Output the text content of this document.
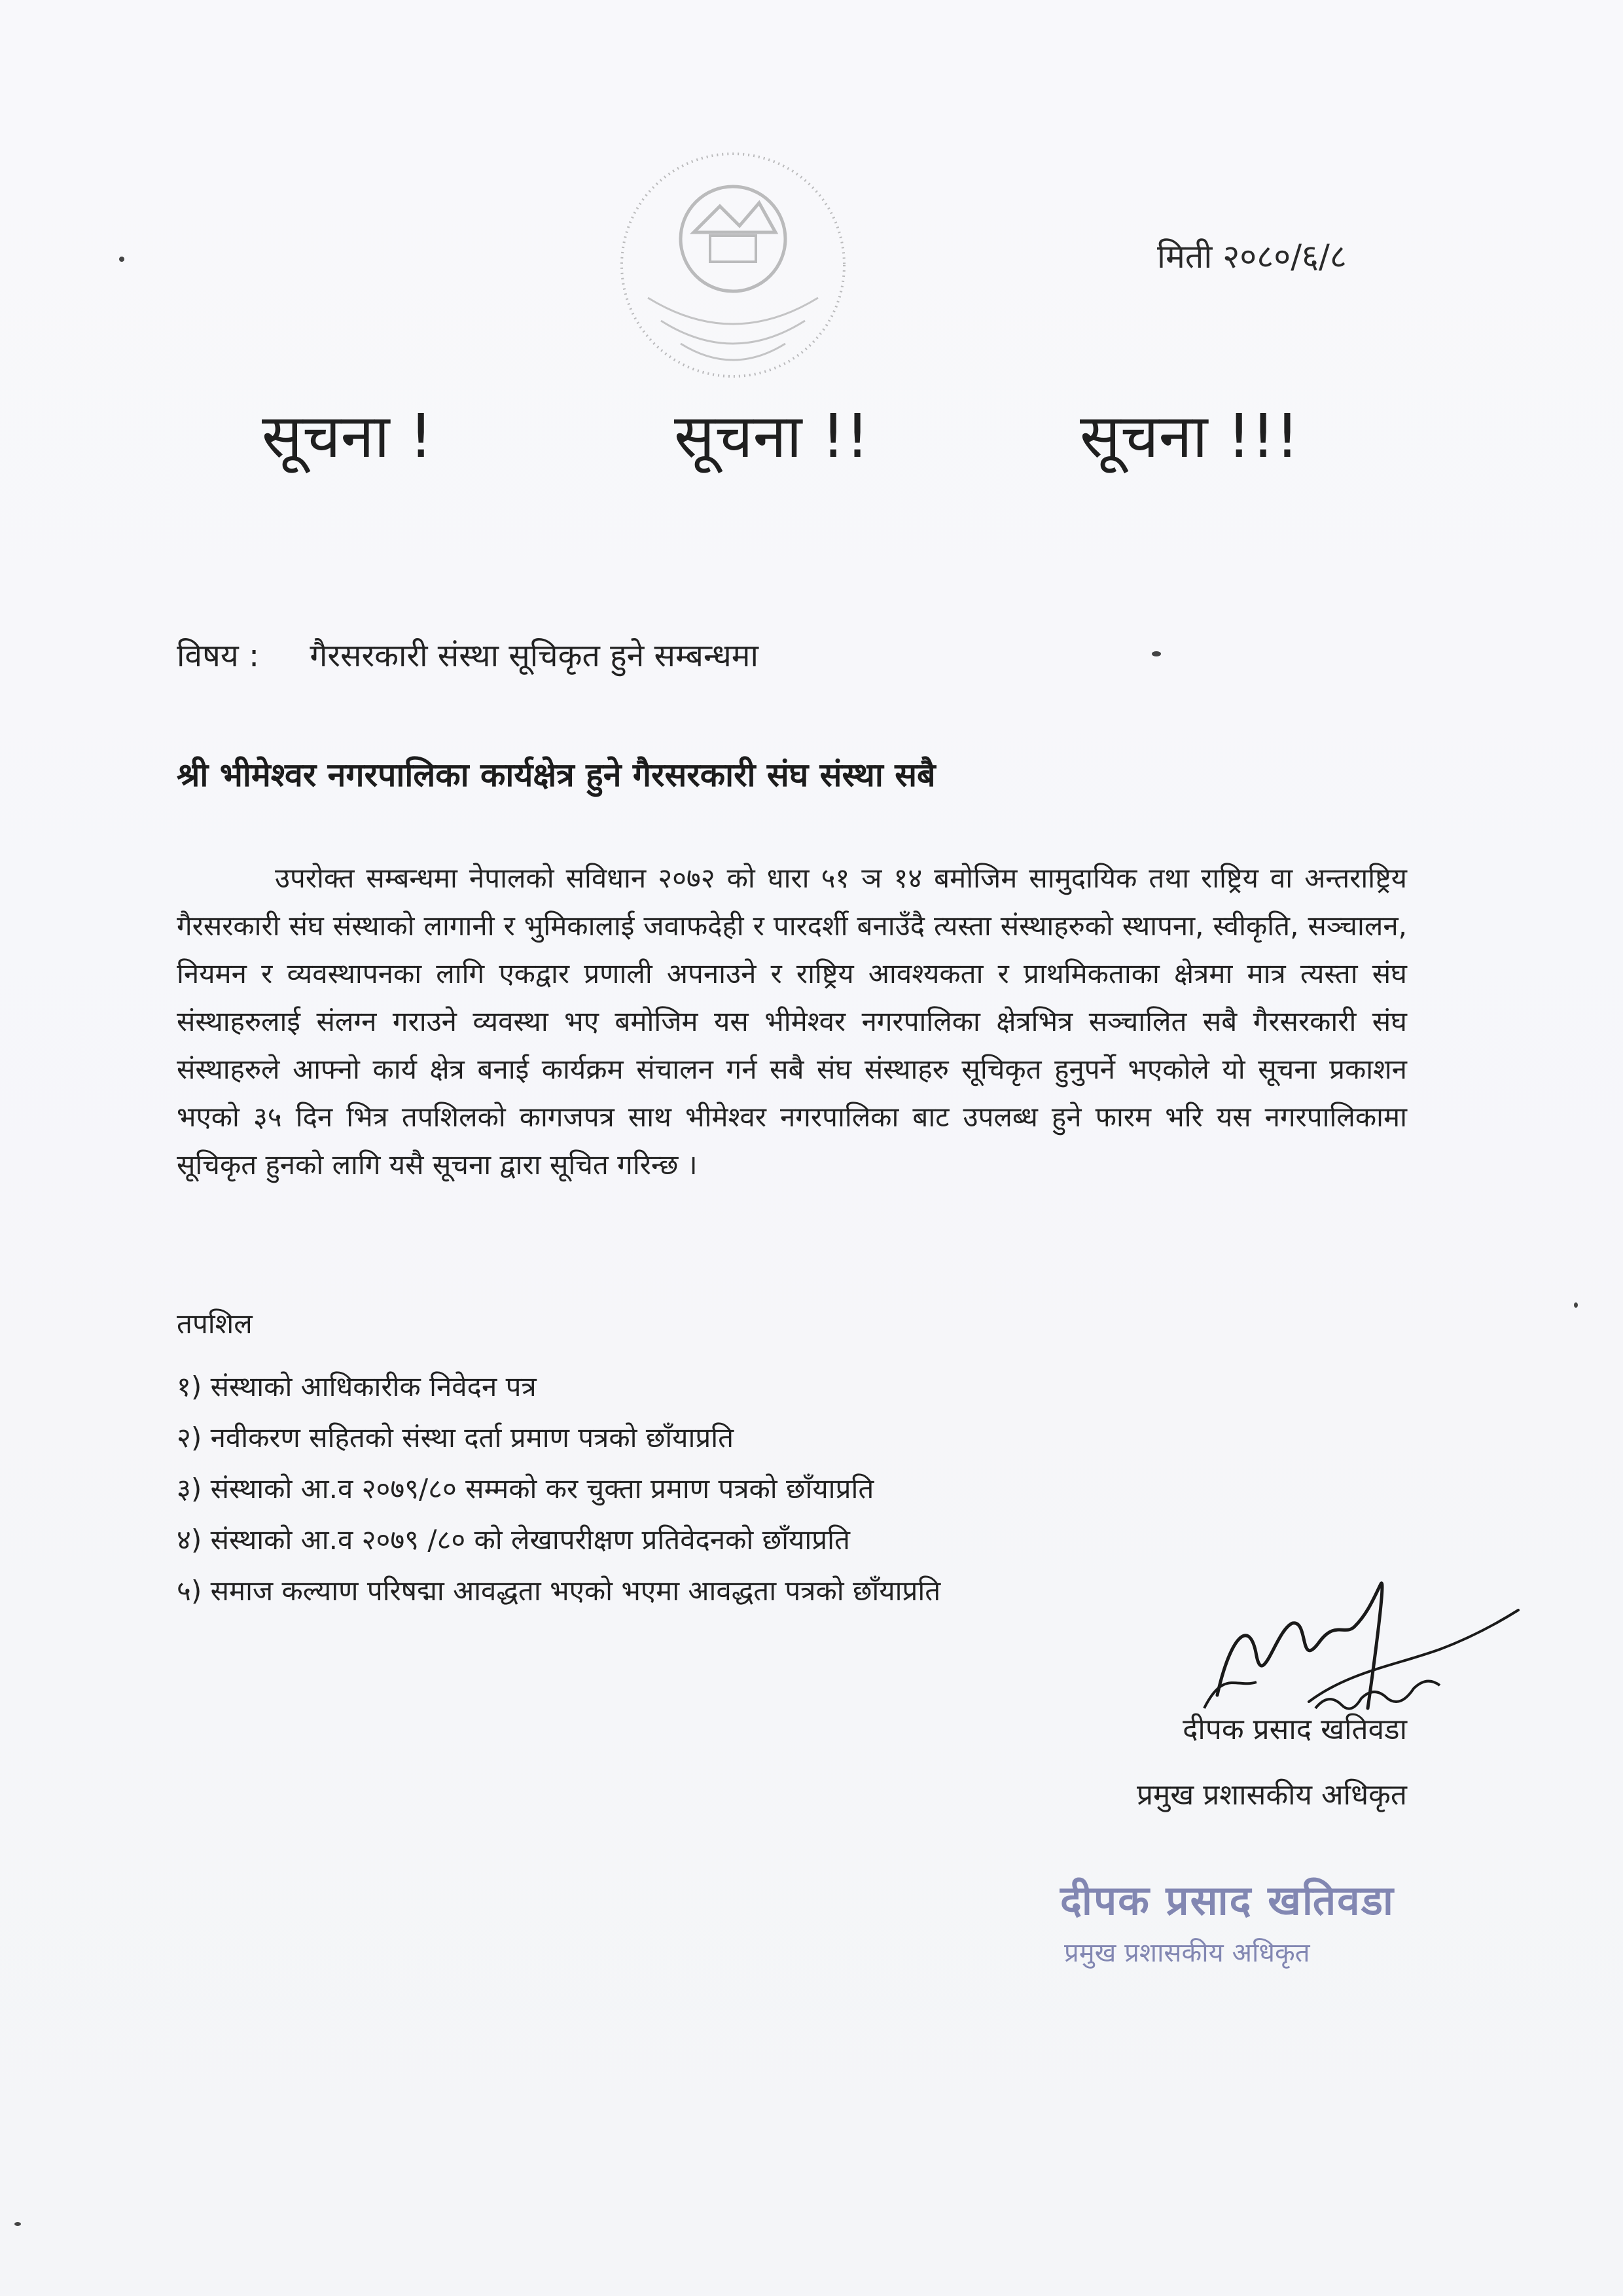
मिती २०८०/६/८
सूचना !	सूचना !!	सूचना !!!
विषय : गैरसरकारी संस्था सूचिकृत हुने सम्बन्धमा
श्री भीमेश्वर नगरपालिका कार्यक्षेत्र हुने गैरसरकारी संघ संस्था सबै
उपरोक्त सम्बन्धमा नेपालको सविधान २०७२ को धारा ५१ ञ १४ बमोजिम सामुदायिक तथा राष्ट्रिय वा अन्तराष्ट्रिय गैरसरकारी संघ संस्थाको लागानी र भुमिकालाई जवाफदेही र पारदर्शी बनाउँदै त्यस्ता संस्थाहरुको स्थापना, स्वीकृति, सञ्चालन, नियमन र व्यवस्थापनका लागि एकद्वार प्रणाली अपनाउने र राष्ट्रिय आवश्यकता र प्राथमिकताका क्षेत्रमा मात्र त्यस्ता संघ संस्थाहरुलाई संलग्न गराउने व्यवस्था भए बमोजिम यस भीमेश्वर नगरपालिका क्षेत्रभित्र सञ्चालित सबै गैरसरकारी संघ संस्थाहरुले आफ्नो कार्य क्षेत्र बनाई कार्यक्रम संचालन गर्न सबै संघ संस्थाहरु सूचिकृत हुनुपर्ने भएकोले यो सूचना प्रकाशन भएको ३५ दिन भित्र तपशिलको कागजपत्र साथ भीमेश्वर नगरपालिका बाट उपलब्ध हुने फारम भरि यस नगरपालिकामा सूचिकृत हुनको लागि यसै सूचना द्वारा सूचित गरिन्छ ।
तपशिल
१) संस्थाको आधिकारीक निवेदन पत्र
२) नवीकरण सहितको संस्था दर्ता प्रमाण पत्रको छाँयाप्रति
३) संस्थाको आ.व २०७९/८० सम्मको कर चुक्ता प्रमाण पत्रको छाँयाप्रति
४) संस्थाको आ.व २०७९ /८० को लेखापरीक्षण प्रतिवेदनको छाँयाप्रति
५) समाज कल्याण परिषद्मा आवद्धता भएको भएमा आवद्धता पत्रको छाँयाप्रति
दीपक प्रसाद खतिवडा
प्रमुख प्रशासकीय अधिकृत
दीपक प्रसाद खतिवडा
प्रमुख प्रशासकीय अधिकृत
